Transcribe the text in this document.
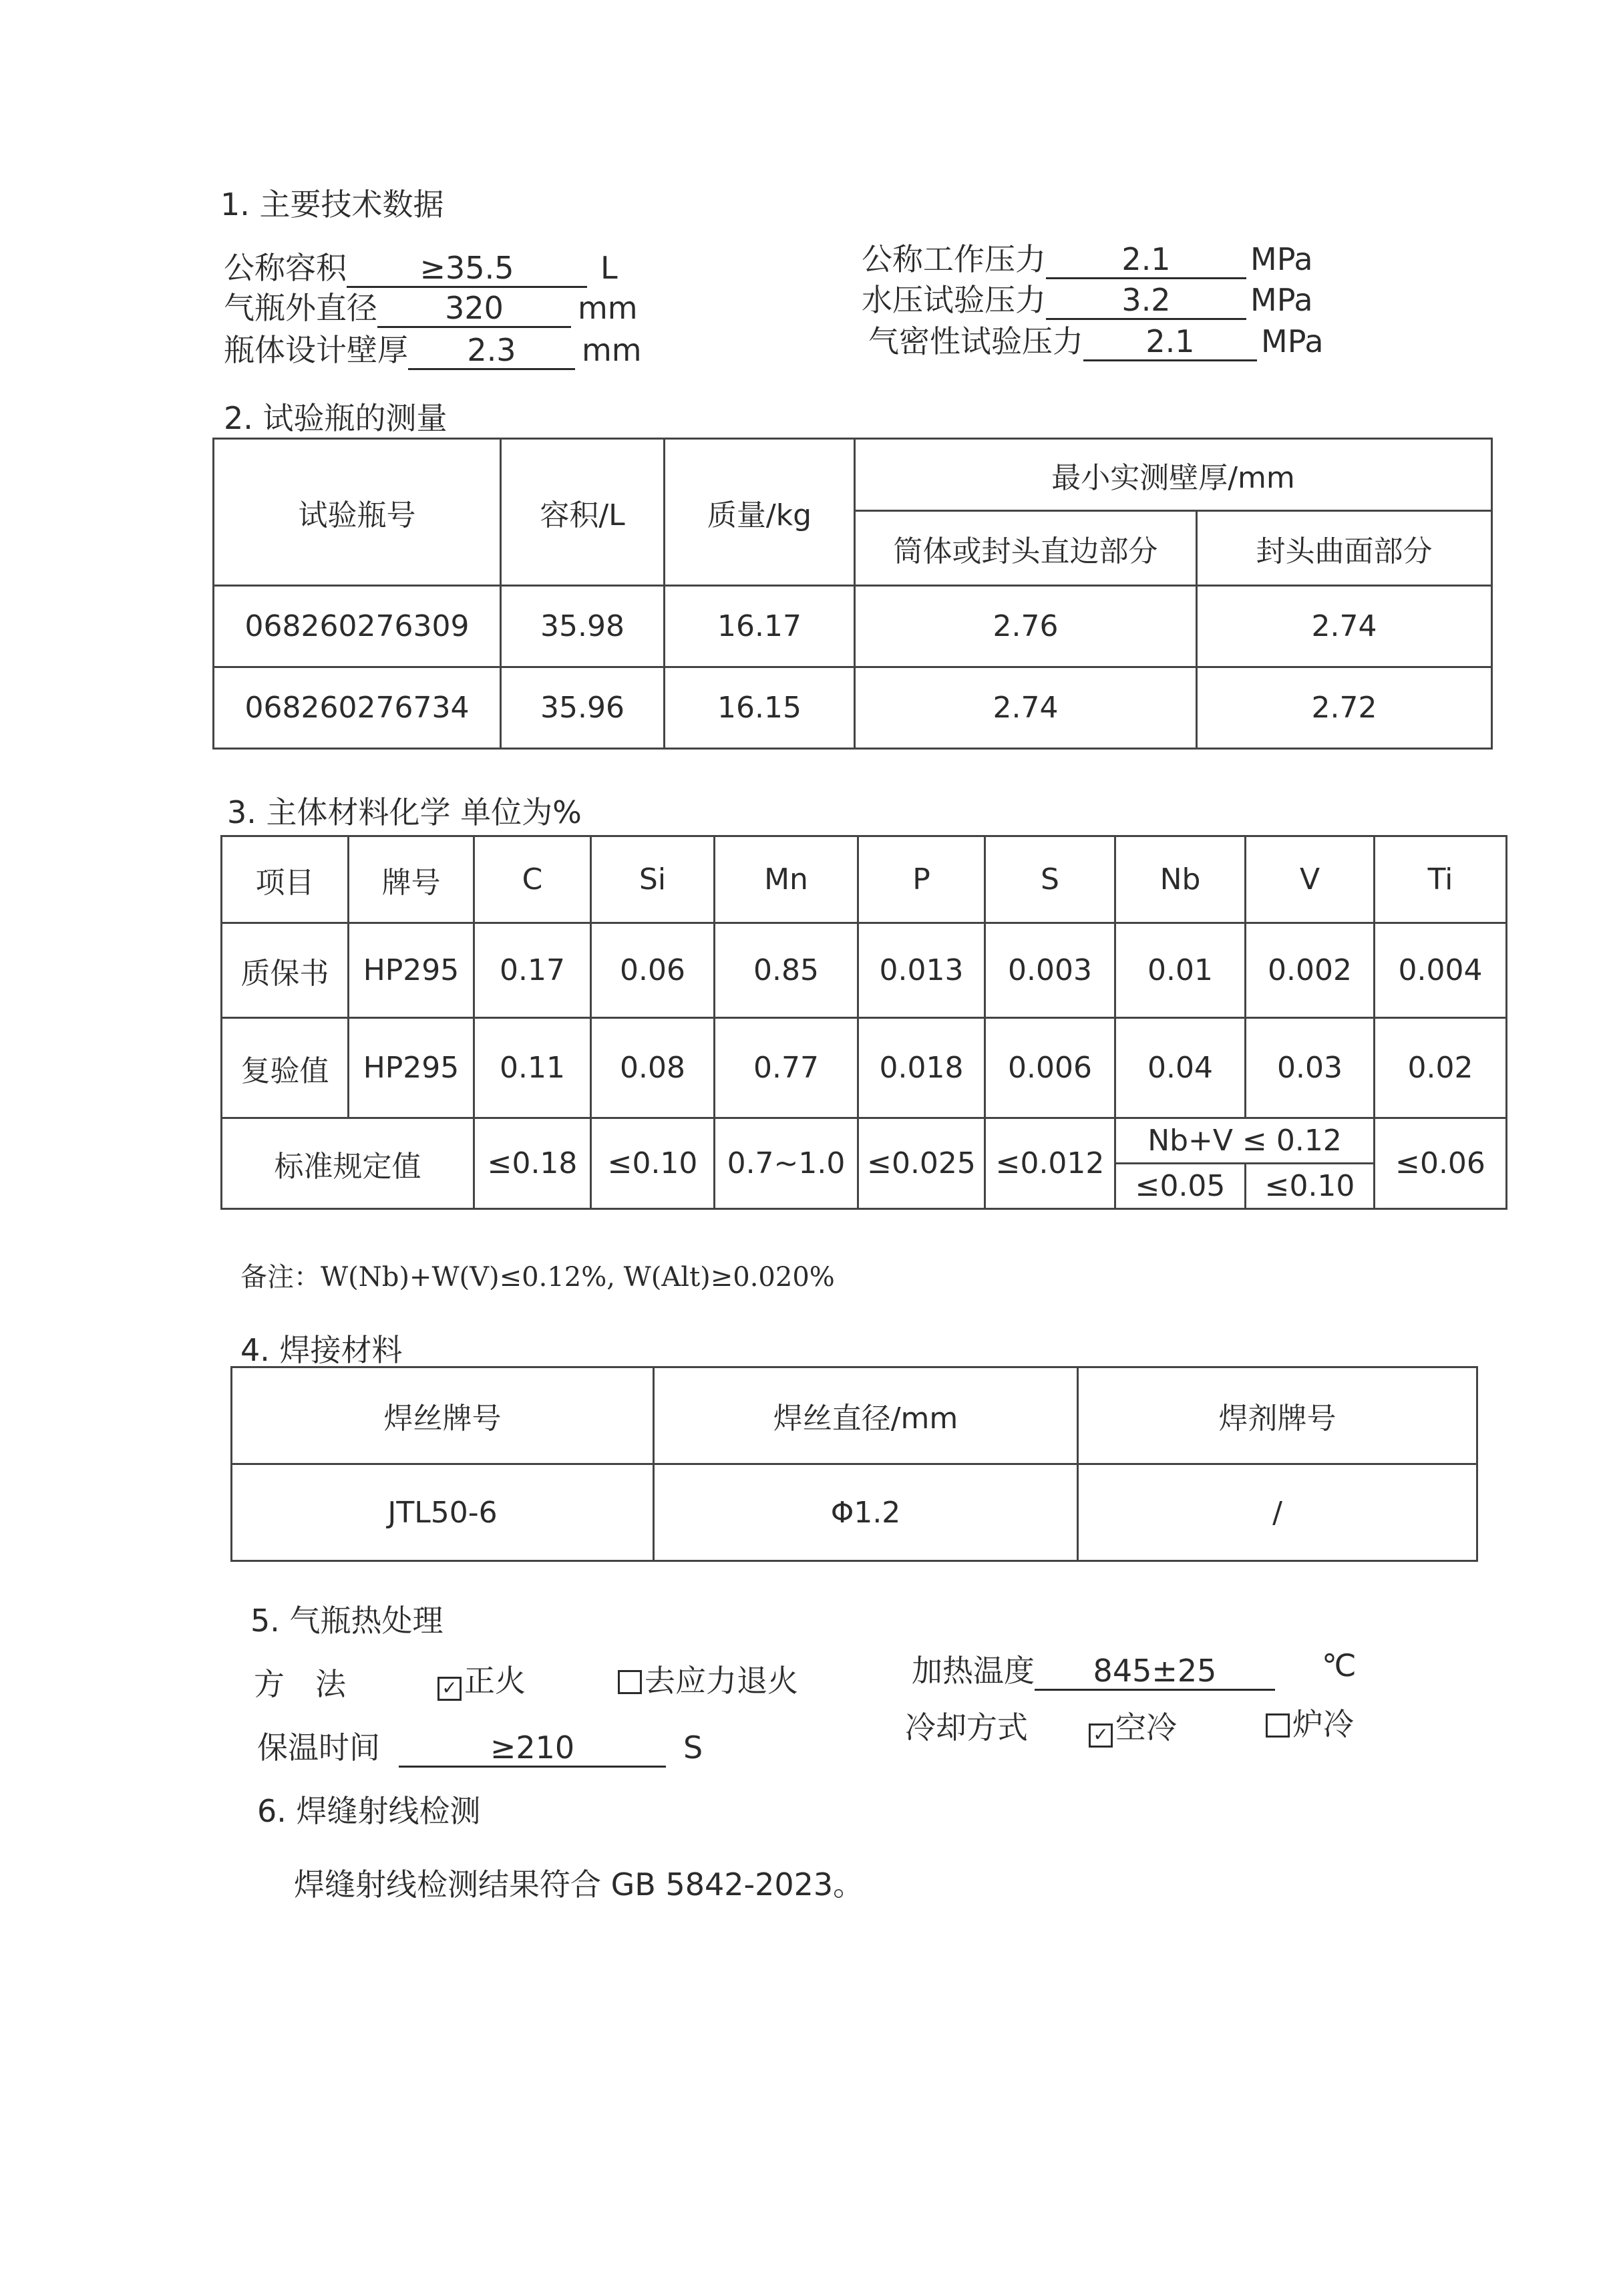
1. 主要技术数据
公称容积 ≥35.5	L
气瓶外直径 320 mm
瓶体设计壁厚 2.3 mm
公称工作压力 2.1	MPa
水压试验压力 3.2	MPa
气密性试验压力 2.1 MPa
2. 试验瓶的测量
试验瓶号	容积/L	质量/kg	最小实测壁厚/mm	
			筒体或封头直边部分	封头曲面部分
068260276309	35.98	16.17	2.76	2.74
068260276734	35.96	16.15	2.74	2.72
3. 主体材料化学 单位为%
项目	牌号	C	Si	Mn	P	S	Nb	V	Ti
质保书	HP295	0.17	0.06	0.85	0.013	0.003	0.01	0.002	0.004
复验值	HP295	0.11	0.08	0.77	0.018	0.006	0.04	0.03	0.02
标准规定值		≤0.18	≤0.10	0.7~1.0	≤0.025	≤0.012	Nb+V ≤ 0.12		≤0.06
							≤0.05	≤0.10	
备注：W(Nb)+W(V)≤0.12%, W(Alt)≥0.020%
4. 焊接材料
焊丝牌号	焊丝直径/mm	焊剂牌号
JTL50-6	Φ1.2	/
5. 气瓶热处理
方　法	✓ 正火	去应力退火	加热温度 845±25	℃
保温时间	≥210	S
冷却方式	✓ 空冷	炉冷
6. 焊缝射线检测
焊缝射线检测结果符合 GB 5842-2023。
